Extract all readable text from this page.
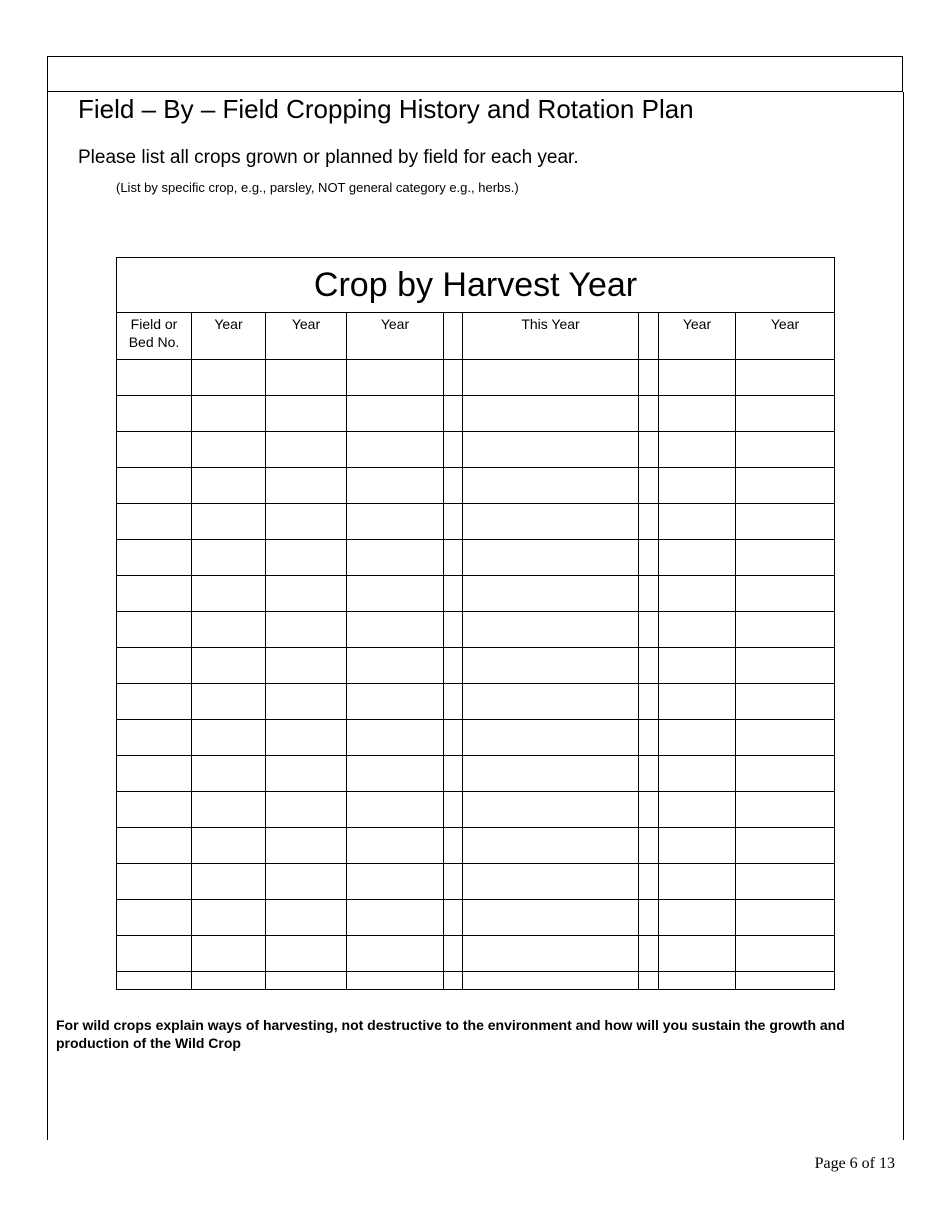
Field – By – Field Cropping History and Rotation Plan
Please list all crops grown or planned by field for each year.
(List by specific crop, e.g., parsley, NOT general category e.g., herbs.)
Crop by Harvest Year								
Field or Bed No.	Year	Year	Year		This Year		Year	Year

For wild crops explain ways of harvesting, not destructive to the environment and how will you sustain the growth and production of the Wild Crop
Page 6 of 13
